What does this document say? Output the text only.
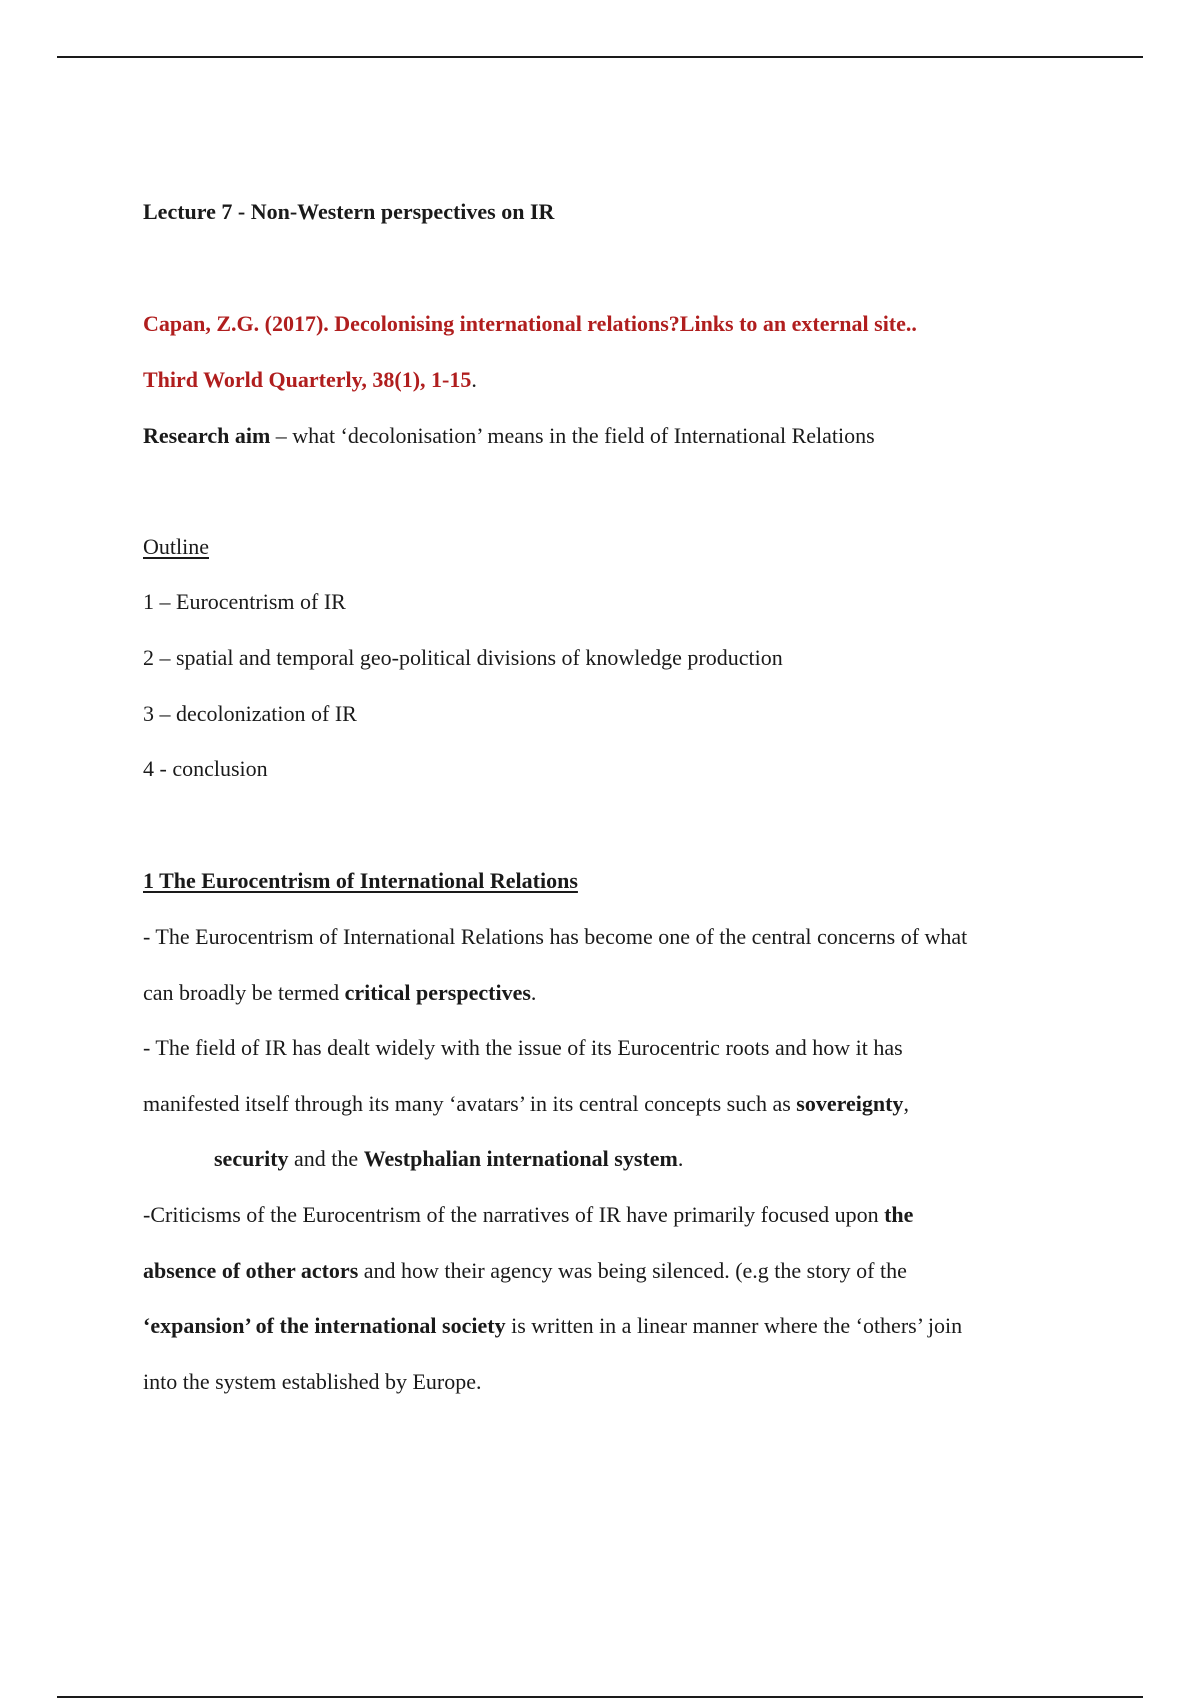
Lecture 7 - Non-Western perspectives on IR
Capan, Z.G. (2017). Decolonising international relations?Links to an external site..
Third World Quarterly, 38(1), 1-15.
Research aim – what ‘decolonisation’ means in the field of International Relations
Outline
1 – Eurocentrism of IR
2 – spatial and temporal geo-political divisions of knowledge production
3 – decolonization of IR
4 - conclusion
1 The Eurocentrism of International Relations
- The Eurocentrism of International Relations has become one of the central concerns of what
can broadly be termed critical perspectives.
- The field of IR has dealt widely with the issue of its Eurocentric roots and how it has
manifested itself through its many ‘avatars’ in its central concepts such as sovereignty,
security and the Westphalian international system.
-Criticisms of the Eurocentrism of the narratives of IR have primarily focused upon the
absence of other actors and how their agency was being silenced. (e.g the story of the
‘expansion’ of the international society is written in a linear manner where the ‘others’ join
into the system established by Europe.
